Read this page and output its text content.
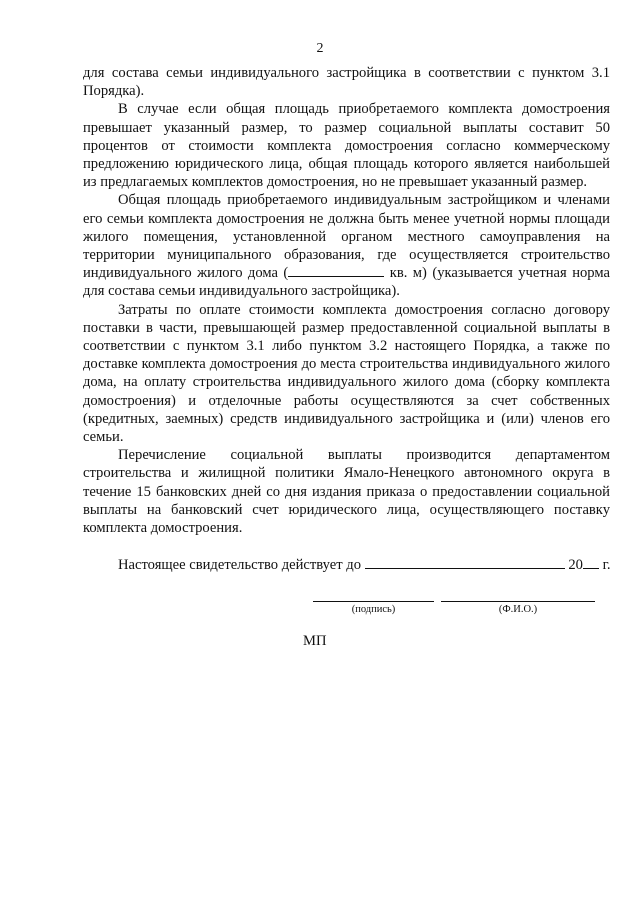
2

для состава семьи индивидуального застройщика в соответствии с пунктом 3.1 Порядка).

В случае если общая площадь приобретаемого комплекта домостроения превышает указанный размер, то размер социальной выплаты составит 50 процентов от стоимости комплекта домостроения согласно коммерческому предложению юридического лица, общая площадь которого является наибольшей из предлагаемых комплектов домостроения, но не превышает указанный размер.

Общая площадь приобретаемого индивидуальным застройщиком и членами его семьи комплекта домостроения не должна быть менее учетной нормы площади жилого помещения, установленной органом местного самоуправления на территории муниципального образования, где осуществляется строительство индивидуального жилого дома (	кв. м) (указывается учетная норма для состава семьи индивидуального застройщика).

Затраты по оплате стоимости комплекта домостроения согласно договору поставки в части, превышающей размер предоставленной социальной выплаты в соответствии с пунктом 3.1 либо пунктом 3.2 настоящего Порядка, а также по доставке комплекта домостроения до места строительства индивидуального жилого дома, на оплату строительства индивидуального жилого дома (сборку комплекта домостроения) и отделочные работы осуществляются за счет собственных (кредитных, заемных) средств индивидуального застройщика и (или) членов его семьи.

Перечисление социальной выплаты производится департаментом строительства и жилищной политики Ямало-Ненецкого автономного округа в течение 15 банковских дней со дня издания приказа о предоставлении социальной выплаты на банковский счет юридического лица, осуществляющего поставку комплекта домостроения.

Настоящее свидетельство действует до	20 г.
(подпись)	(Ф.И.О.)
МП
